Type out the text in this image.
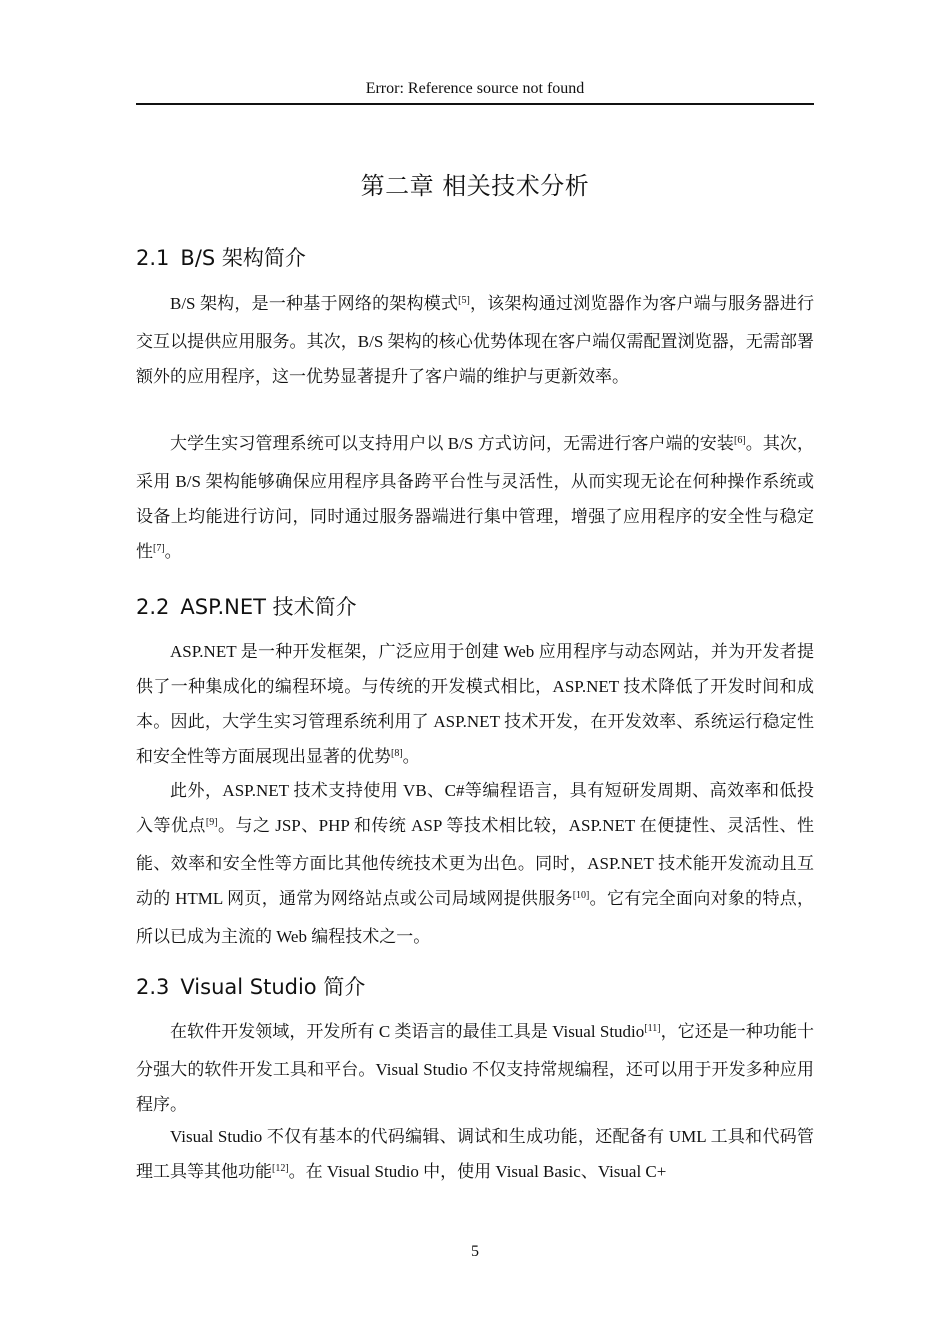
Error: Reference source not found
第二章 相关技术分析
2.1 B/S 架构简介

B/S 架构，是一种基于网络的架构模式[5]，该架构通过浏览器作为客户端与服务器进行交互以提供应用服务。其次，B/S 架构的核心优势体现在客户端仅需配置浏览器，无需部署额外的应用程序，这一优势显著提升了客户端的维护与更新效率。

大学生实习管理系统可以支持用户以 B/S 方式访问，无需进行客户端的安装[6]。其次，采用 B/S 架构能够确保应用程序具备跨平台性与灵活性，从而实现无论在何种操作系统或设备上均能进行访问，同时通过服务器端进行集中管理，增强了应用程序的安全性与稳定性[7]。

2.2 ASP.NET 技术简介

ASP.NET 是一种开发框架，广泛应用于创建 Web 应用程序与动态网站，并为开发者提供了一种集成化的编程环境。与传统的开发模式相比，ASP.NET 技术降低了开发时间和成本。因此，大学生实习管理系统利用了 ASP.NET 技术开发，在开发效率、系统运行稳定性和安全性等方面展现出显著的优势[8]。

此外，ASP.NET 技术支持使用 VB、C#等编程语言，具有短研发周期、高效率和低投入等优点[9]。与之 JSP、PHP 和传统 ASP 等技术相比较，ASP.NET 在便捷性、灵活性、性能、效率和安全性等方面比其他传统技术更为出色。同时，ASP.NET 技术能开发流动且互动的 HTML 网页，通常为网络站点或公司局域网提供服务[10]。它有完全面向对象的特点，所以已成为主流的 Web 编程技术之一。

2.3 Visual Studio 简介

在软件开发领域，开发所有 C 类语言的最佳工具是 Visual Studio[11]，它还是一种功能十分强大的软件开发工具和平台。Visual Studio 不仅支持常规编程，还可以用于开发多种应用程序。

Visual Studio 不仅有基本的代码编辑、调试和生成功能，还配备有 UML 工具和代码管理工具等其他功能[12]。在 Visual Studio 中，使用 Visual Basic、Visual C+

5
